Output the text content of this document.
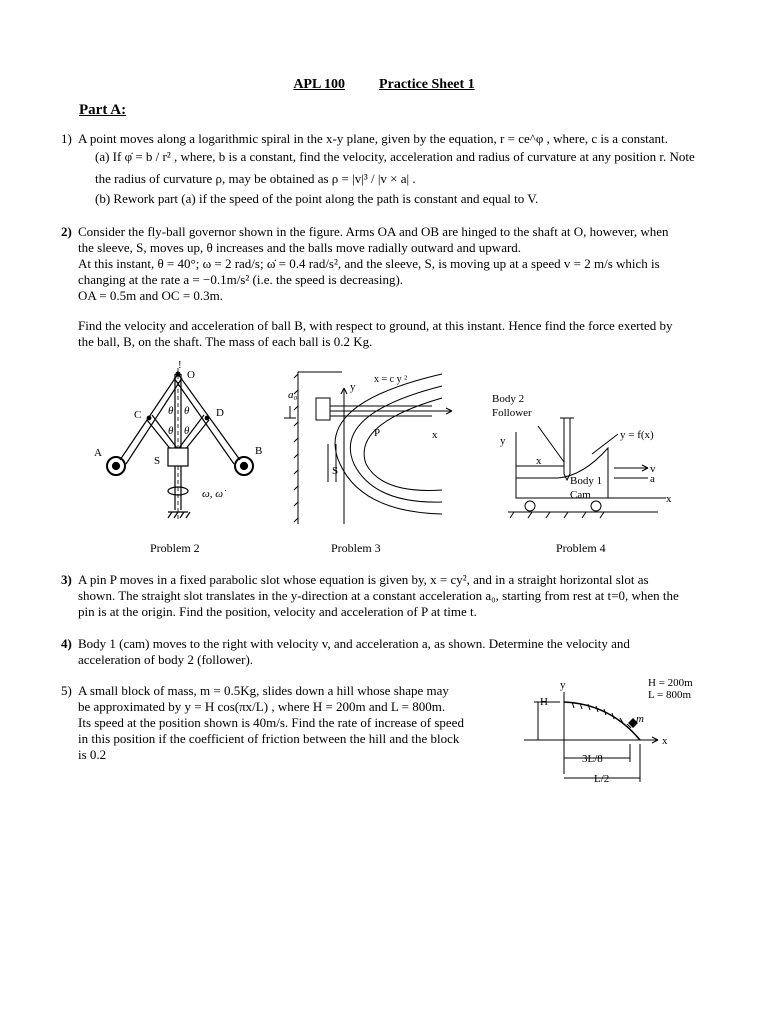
APL 100 Practice Sheet 1
Part A:
1) A point moves along a logarithmic spiral in the x-y plane, given by the equation, r = ce^φ , where, c is a constant.
(a) If φ̇ = b / r² , where, b is a constant, find the velocity, acceleration and radius of curvature at any position r. Note
the radius of curvature ρ, may be obtained as ρ = |v|³ / |v × a| .
(b) Rework part (a) if the speed of the point along the path is constant and equal to V.
2) Consider the fly-ball governor shown in the figure. Arms OA and OB are hinged to the shaft at O, however, when
the sleeve, S, moves up, θ increases and the balls move radially outward and upward.
At this instant, θ = 40°; ω = 2 rad/s; ω̇ = 0.4 rad/s², and the sleeve, S, is moving up at a speed v = 2 m/s which is
changing at the rate a = −0.1m/s² (i.e. the speed is decreasing).
OA = 0.5m and OC = 0.3m.
Find the velocity and acceleration of ball B, with respect to ground, at this instant. Hence find the force exerted by
the ball, B, on the shaft. The mass of each ball is 0.2 Kg.
!
O
C	D
A	B
S
θ θ
θ θ
ω, ω̇
a₀
y
x = c y ²
P	x
S
Body 2
Follower
y
x
y = f(x)
v
a
Body 1
Cam	x
Problem 2	Problem 3	Problem 4
3) A pin P moves in a fixed parabolic slot whose equation is given by, x = cy², and in a straight horizontal slot as
shown. The straight slot translates in the y-direction at a constant acceleration a₀, starting from rest at t=0, when the
pin is at the origin. Find the position, velocity and acceleration of P at time t.
4) Body 1 (cam) moves to the right with velocity v, and acceleration a, as shown. Determine the velocity and
acceleration of body 2 (follower).
5) A small block of mass, m = 0.5Kg, slides down a hill whose shape may
be approximated by y = H cos(πx/L) , where H = 200m and L = 800m.
Its speed at the position shown is 40m/s. Find the rate of increase of speed
in this position if the coefficient of friction between the hill and the block
is 0.2
y	H = 200m
L = 800m
H
m
x
3L/8
L/2
